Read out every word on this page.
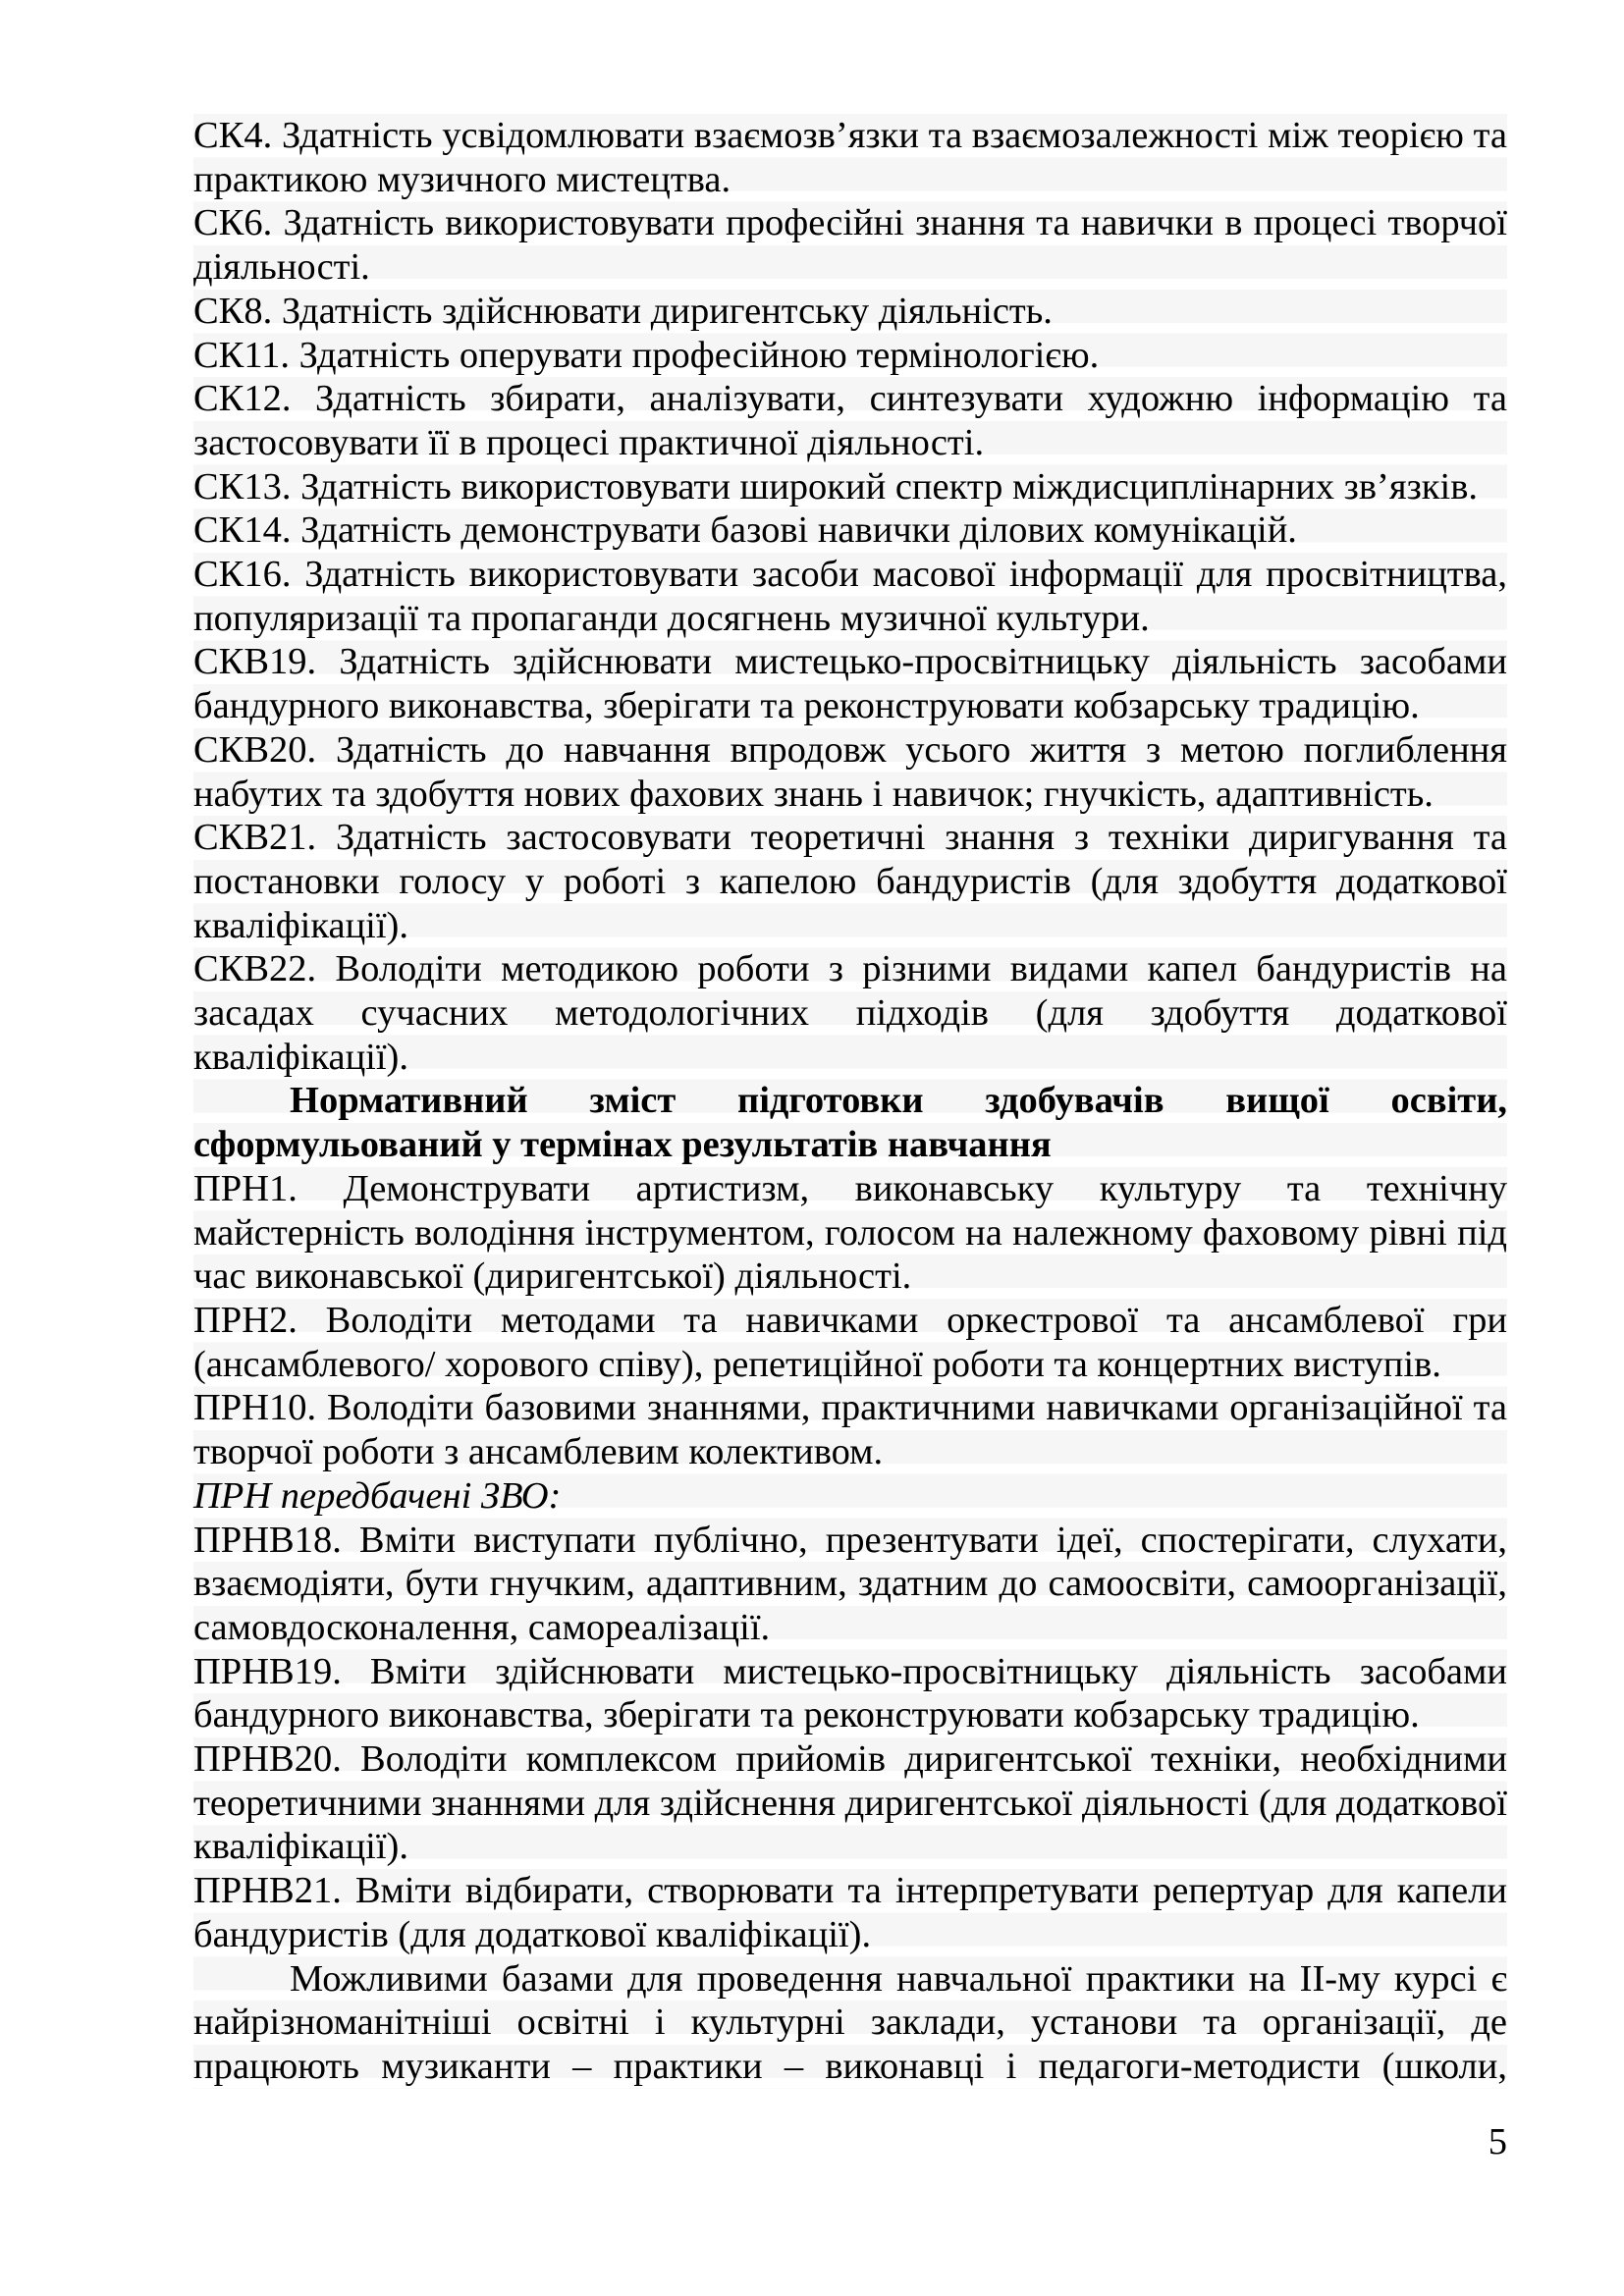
СК4. Здатність усвідомлювати взаємозв’язки та взаємозалежності між теорією та практикою музичного мистецтва.

СК6. Здатність використовувати професійні знання та навички в процесі творчої діяльності.

СК8. Здатність здійснювати диригентську діяльність.

СК11. Здатність оперувати професійною термінологією.

СК12. Здатність збирати, аналізувати, синтезувати художню інформацію та застосовувати її в процесі практичної діяльності.

СК13. Здатність використовувати широкий спектр міждисциплінарних зв’язків.

СК14. Здатність демонструвати базові навички ділових комунікацій.

СК16. Здатність використовувати засоби масової інформації для просвітництва, популяризації та пропаганди досягнень музичної культури.

СКВ19. Здатність здійснювати мистецько-просвітницьку діяльність засобами бандурного виконавства, зберігати та реконструювати кобзарську традицію.

СКВ20. Здатність до навчання впродовж усього життя з метою поглиблення набутих та здобуття нових фахових знань і навичок; гнучкість, адаптивність.

СКВ21. Здатність застосовувати теоретичні знання з техніки диригування та постановки голосу у роботі з капелою бандуристів (для здобуття додаткової кваліфікації).

СКВ22. Володіти методикою роботи з різними видами капел бандуристів на засадах сучасних методологічних підходів (для здобуття додаткової кваліфікації).

Нормативний зміст підготовки здобувачів вищої освіти, сформульований у термінах результатів навчання

ПРН1. Демонструвати артистизм, виконавську культуру та технічну майстерність володіння інструментом, голосом на належному фаховому рівні під час виконавської (диригентської) діяльності.

ПРН2. Володіти методами та навичками оркестрової та ансамблевої гри (ансамблевого/ хорового співу), репетиційної роботи та концертних виступів.

ПРН10. Володіти базовими знаннями, практичними навичками організаційної та творчої роботи з ансамблевим колективом.

ПРН передбачені ЗВО:

ПРНВ18. Вміти виступати публічно, презентувати ідеї, спостерігати, слухати, взаємодіяти, бути гнучким, адаптивним, здатним до самоосвіти, самоорганізації, самовдосконалення, самореалізації.

ПРНВ19. Вміти здійснювати мистецько-просвітницьку діяльність засобами бандурного виконавства, зберігати та реконструювати кобзарську традицію.

ПРНВ20. Володіти комплексом прийомів диригентської техніки, необхідними теоретичними знаннями для здійснення диригентської діяльності (для додаткової кваліфікації).

ПРНВ21. Вміти відбирати, створювати та інтерпретувати репертуар для капели бандуристів (для додаткової кваліфікації).

Можливими базами для проведення навчальної практики на ІІ-му курсі є найрізноманітніші освітні і культурні заклади, установи та організації, де працюють музиканти – практики – виконавці і педагоги-методисти (школи,

5
